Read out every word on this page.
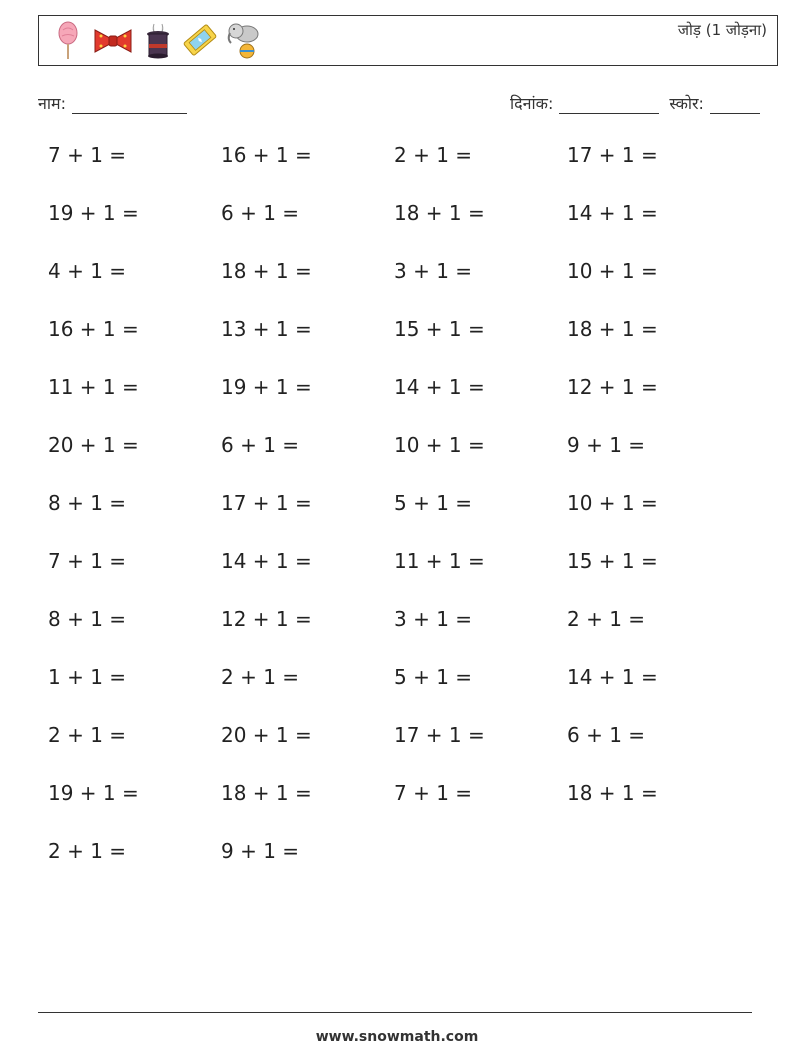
जोड़ (1 जोड़ना)
नाम:	दिनांक:	स्कोर:
7 + 1 =	16 + 1 =	2 + 1 =	17 + 1 =
19 + 1 =	6 + 1 =	18 + 1 =	14 + 1 =
4 + 1 =	18 + 1 =	3 + 1 =	10 + 1 =
16 + 1 =	13 + 1 =	15 + 1 =	18 + 1 =
11 + 1 =	19 + 1 =	14 + 1 =	12 + 1 =
20 + 1 =	6 + 1 =	10 + 1 =	9 + 1 =
8 + 1 =	17 + 1 =	5 + 1 =	10 + 1 =
7 + 1 =	14 + 1 =	11 + 1 =	15 + 1 =
8 + 1 =	12 + 1 =	3 + 1 =	2 + 1 =
1 + 1 =	2 + 1 =	5 + 1 =	14 + 1 =
2 + 1 =	20 + 1 =	17 + 1 =	6 + 1 =
19 + 1 =	18 + 1 =	7 + 1 =	18 + 1 =
2 + 1 =	9 + 1 =
www.snowmath.com
